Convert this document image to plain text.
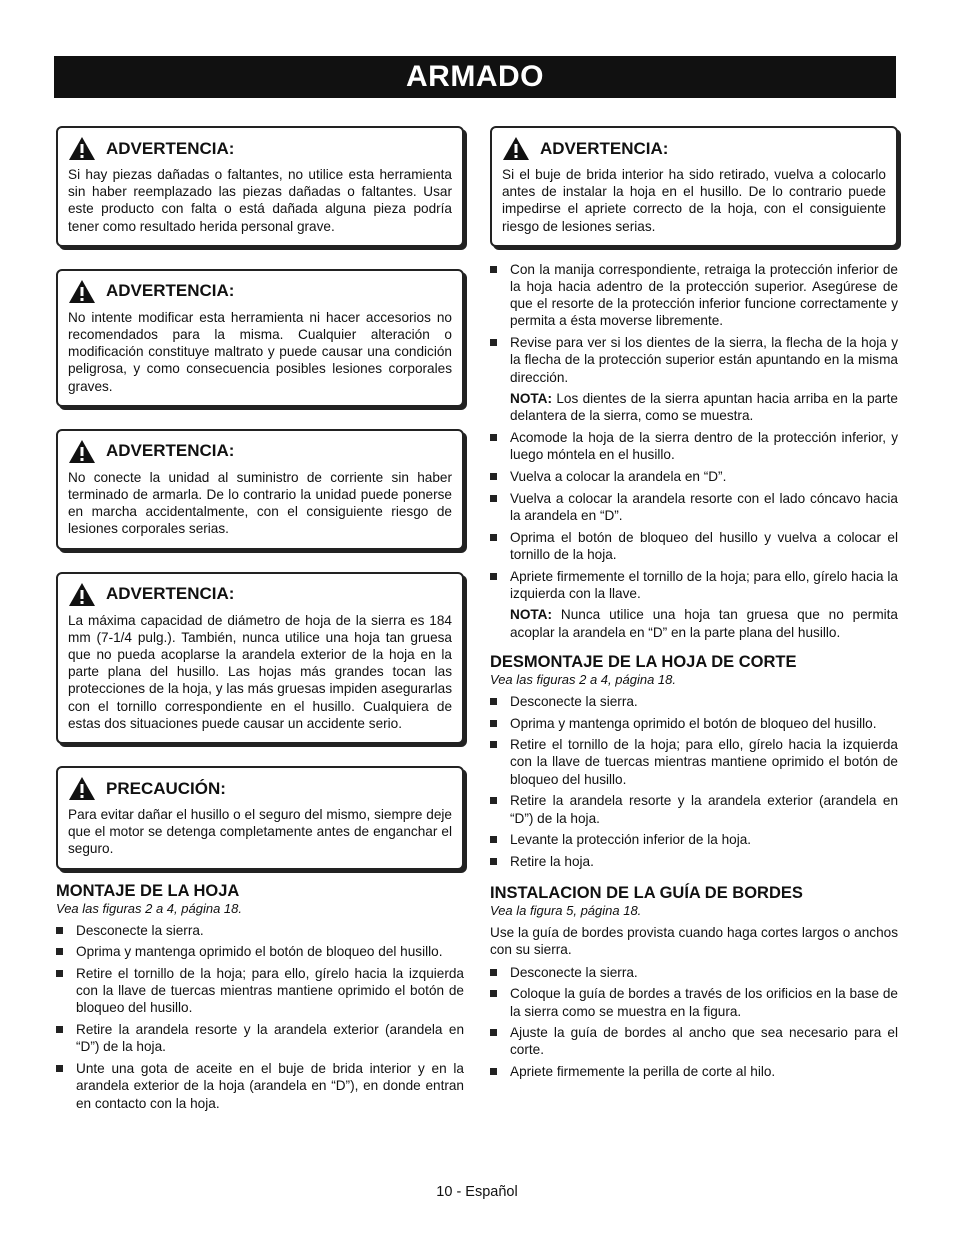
ARMADO
ADVERTENCIA:
Si hay piezas dañadas o faltantes, no utilice esta herramienta sin haber reemplazado las piezas dañadas o faltantes. Usar este producto con falta o está dañada alguna pieza podría tener como resultado herida personal grave.
ADVERTENCIA:
No intente modificar esta herramienta ni hacer accesorios no recomendados para la misma. Cualquier alteración o modificación constituye maltrato y puede causar una condición peligrosa, y como consecuencia posibles lesiones corporales graves.
ADVERTENCIA:
No conecte la unidad al suministro de corriente sin haber terminado de armarla. De lo contrario la unidad puede ponerse en marcha accidentalmente, con el consiguiente riesgo de lesiones corporales serias.
ADVERTENCIA:
La máxima capacidad de diámetro de hoja de la sierra es 184 mm (7-1/4 pulg.). También, nunca utilice una hoja tan gruesa que no pueda acoplarse la arandela exterior de la hoja en la parte plana del husillo. Las hojas más grandes tocan las protecciones de la hoja, y las más gruesas impiden asegurarlas con el tornillo correspondiente en el husillo. Cualquiera de estas dos situaciones puede causar un accidente serio.
PRECAUCIÓN:
Para evitar dañar el husillo o el seguro del mismo, siempre deje que el motor se detenga completamente antes de enganchar el seguro.
MONTAJE DE LA HOJA
Vea las figuras 2 a 4, página 18.
Desconecte la sierra.
Oprima y mantenga oprimido el botón de bloqueo del husillo.
Retire el tornillo de la hoja; para ello, gírelo hacia la izquierda con la llave de tuercas mientras mantiene oprimido el botón de bloqueo del husillo.
Retire la arandela resorte y la arandela exterior (arandela en “D”) de la hoja.
Unte una gota de aceite en el buje de brida interior y en la arandela exterior de la hoja (arandela en “D”), en donde entran en contacto con la hoja.
ADVERTENCIA:
Si el buje de brida interior ha sido retirado, vuelva a colocarlo antes de instalar la hoja en el husillo. De lo contrario puede impedirse el apriete correcto de la hoja, con el consiguiente riesgo de lesiones serias.
Con la manija correspondiente, retraiga la protección inferior de la hoja hacia adentro de la protección superior. Asegúrese de que el resorte de la protección inferior funcione correctamente y permita a ésta moverse libremente.
Revise para ver si los dientes de la sierra, la flecha de la hoja y la flecha de la protección superior están apuntando en la misma dirección.
NOTA: Los dientes de la sierra apuntan hacia arriba en la parte delantera de la sierra, como se muestra.
Acomode la hoja de la sierra dentro de la protección inferior, y luego móntela en el husillo.
Vuelva a colocar la arandela en “D”.
Vuelva a colocar la arandela resorte con el lado cóncavo hacia la arandela en “D”.
Oprima el botón de bloqueo del husillo y vuelva a colocar el tornillo de la hoja.
Apriete firmemente el tornillo de la hoja; para ello, gírelo hacia la izquierda con la llave.
NOTA: Nunca utilice una hoja tan gruesa que no permita acoplar la arandela en “D” en la parte plana del husillo.
DESMONTAJE DE LA HOJA DE CORTE
Vea las figuras 2 a 4, página 18.
Desconecte la sierra.
Oprima y mantenga oprimido el botón de bloqueo del husillo.
Retire el tornillo de la hoja; para ello, gírelo hacia la izquierda con la llave de tuercas mientras mantiene oprimido el botón de bloqueo del husillo.
Retire la arandela resorte y la arandela exterior (arandela en “D”) de la hoja.
Levante la protección inferior de la hoja.
Retire la hoja.
INSTALACION DE LA GUÍA DE BORDES
Vea la figura 5, página 18.
Use la guía de bordes provista cuando haga cortes largos o anchos con su sierra.
Desconecte la sierra.
Coloque la guía de bordes a través de los orificios en la base de la sierra como se muestra en la figura.
Ajuste la guía de bordes al ancho que sea necesario para el corte.
Apriete firmemente la perilla de corte al hilo.
10 - Español
